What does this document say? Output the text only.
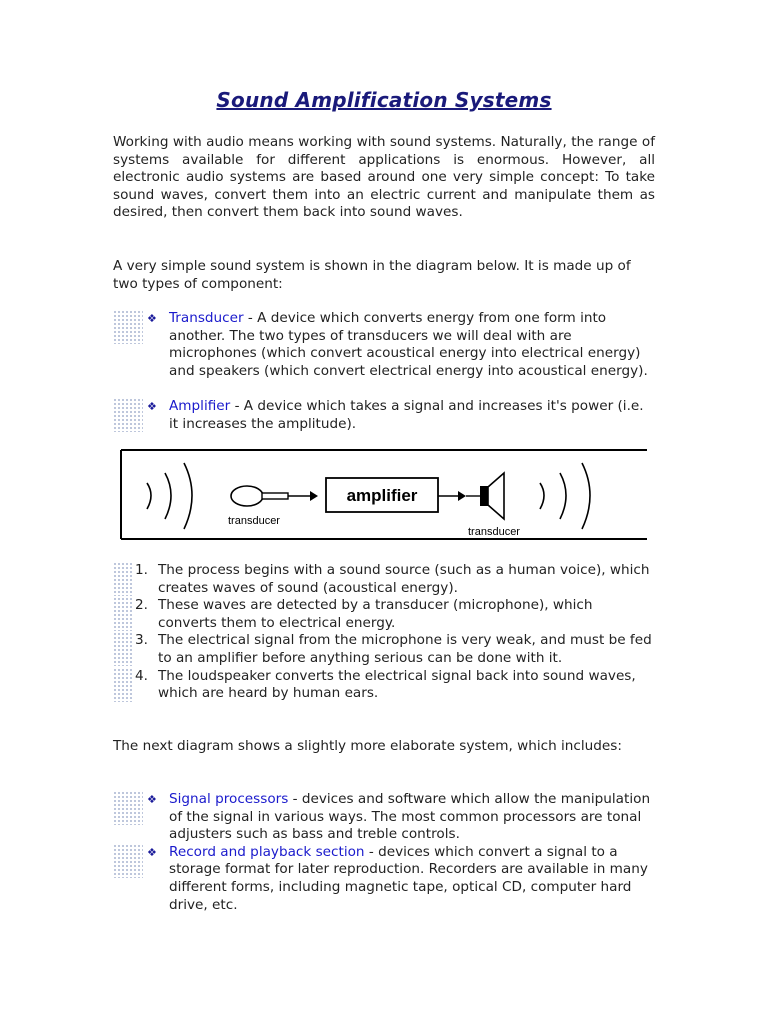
Sound Amplification Systems

Working with audio means working with sound systems. Naturally, the range of systems available for different applications is enormous. However, all electronic audio systems are based around one very simple concept: To take sound waves, convert them into an electric current and manipulate them as desired, then convert them back into sound waves.

A very simple sound system is shown in the diagram below. It is made up of two types of component:

❖ Transducer - A device which converts energy from one form into another. The two types of transducers we will deal with are microphones (which convert acoustical energy into electrical energy) and speakers (which convert electrical energy into acoustical energy).
❖ Amplifier - A device which takes a signal and increases it's power (i.e. it increases the amplitude).
transducer
amplifier
transducer
1. The process begins with a sound source (such as a human voice), which creates waves of sound (acoustical energy).
2. These waves are detected by a transducer (microphone), which converts them to electrical energy.
3. The electrical signal from the microphone is very weak, and must be fed to an amplifier before anything serious can be done with it.
4. The loudspeaker converts the electrical signal back into sound waves, which are heard by human ears.

The next diagram shows a slightly more elaborate system, which includes:

❖ Signal processors - devices and software which allow the manipulation of the signal in various ways. The most common processors are tonal adjusters such as bass and treble controls.
❖ Record and playback section - devices which convert a signal to a storage format for later reproduction. Recorders are available in many different forms, including magnetic tape, optical CD, computer hard drive, etc.
